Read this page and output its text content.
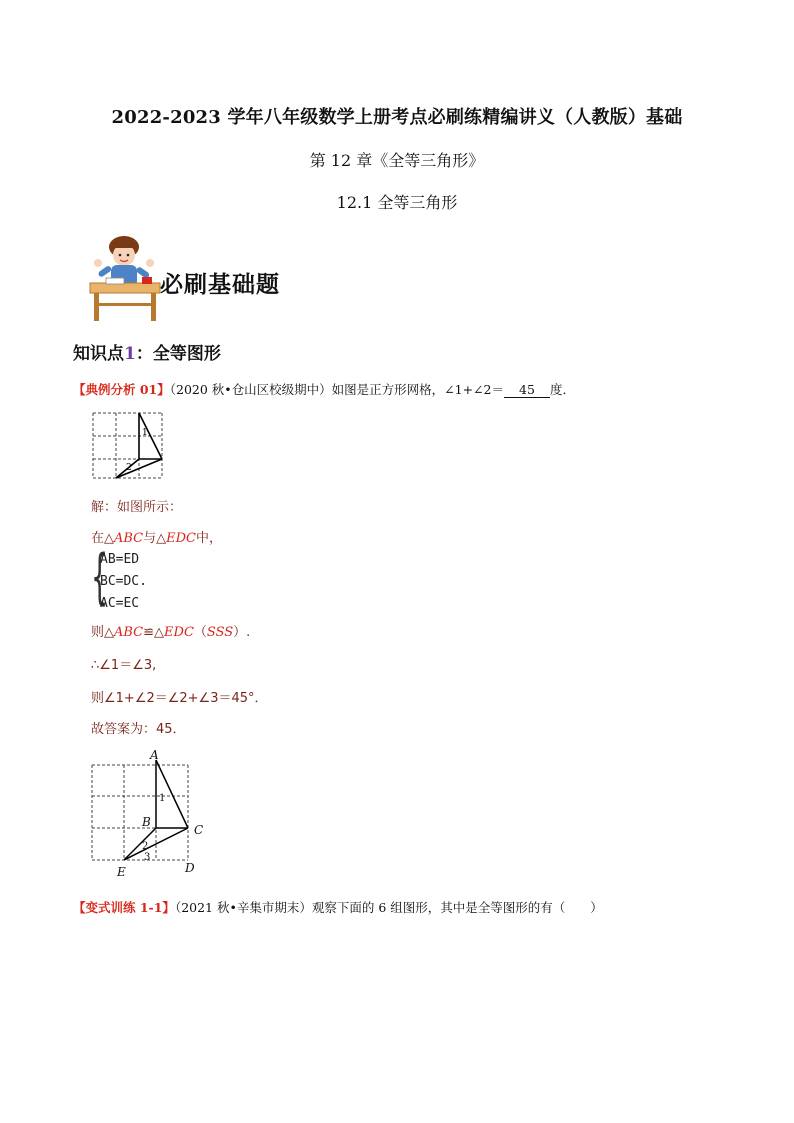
2022-2023 学年八年级数学上册考点必刷练精编讲义（人教版）基础
第 12 章《全等三角形》
12.1 全等三角形
必刷基础题
知识点1：全等图形
【典例分析 01】（2020 秋•仓山区校级期中）如图是正方形网格，∠1+∠2＝ 45 度．
1
2
解：如图所示：
在△ABC与△EDC中，
{
AB=ED
BC=DC.
AC=EC
则△ABC≌△EDC（SSS）.
∴∠1＝∠3,
则∠1+∠2＝∠2+∠3＝45°．
故答案为：45．
A
B
C
D
E
1
2
3
【变式训练 1-1】（2021 秋•辛集市期末）观察下面的 6 组图形，其中是全等图形的有（　　）
